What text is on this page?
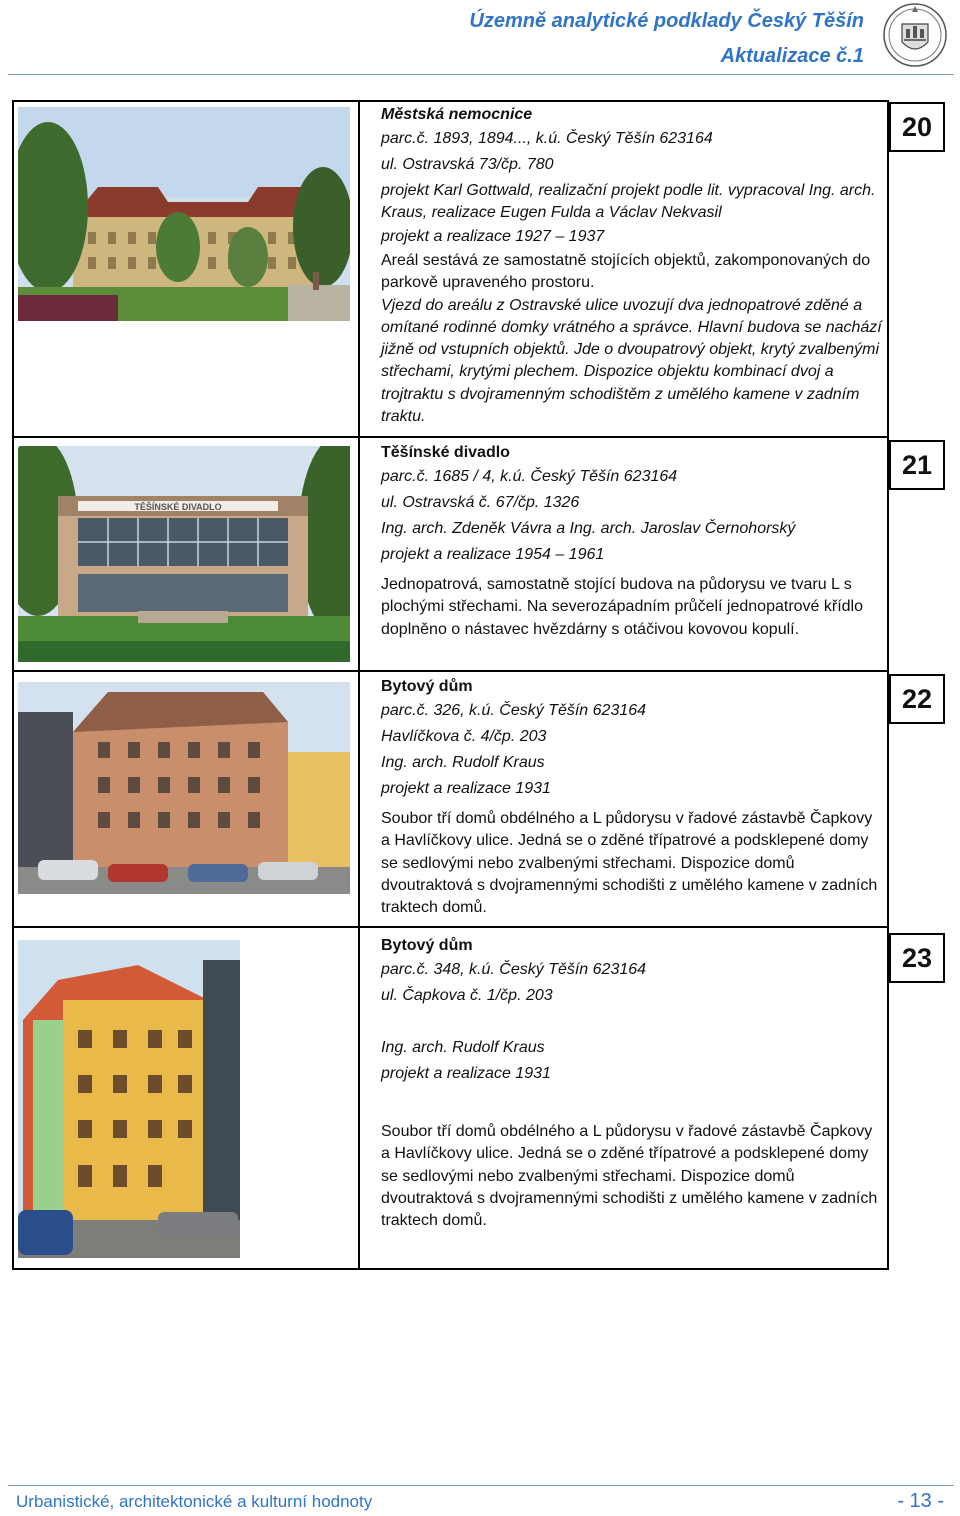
Územně analytické podklady Český Těšín
Aktualizace č.1
TĚŠÍNSKÉ DIVADLO

Městská nemocnice

parc.č. 1893, 1894..., k.ú. Český Těšín 623164

ul. Ostravská 73/čp. 780

projekt Karl Gottwald, realizační projekt podle lit. vypracoval Ing. arch. Kraus, realizace Eugen Fulda a Václav Nekvasil

projekt a realizace 1927 – 1937

Areál sestává ze samostatně stojících objektů, zakomponovaných do parkově upraveného prostoru.

Vjezd do areálu z Ostravské ulice uvozují dva jednopatrové zděné a omítané rodinné domky vrátného a správce. Hlavní budova se nachází jižně od vstupních objektů. Jde o dvoupatrový objekt, krytý zvalbenými střechami, krytými plechem. Dispozice objektu kombinací dvoj a trojtraktu s dvojramenným schodištěm z umělého kamene v zadním traktu.

20

Těšínské divadlo

parc.č. 1685 / 4, k.ú. Český Těšín 623164

ul. Ostravská č. 67/čp. 1326

Ing. arch. Zdeněk Vávra a Ing. arch. Jaroslav Černohorský

projekt a realizace 1954 – 1961

Jednopatrová, samostatně stojící budova na půdorysu ve tvaru L s plochými střechami. Na severozápadním průčelí jednopatrové křídlo doplněno o nástavec hvězdárny s otáčivou kovovou kopulí.

21

Bytový dům

parc.č. 326, k.ú. Český Těšín 623164

Havlíčkova č. 4/čp. 203

Ing. arch. Rudolf Kraus

projekt a realizace 1931

Soubor tří domů obdélného a L půdorysu v řadové zástavbě Čapkovy a Havlíčkovy ulice. Jedná se o zděné třípatrové a podsklepené domy se sedlovými nebo zvalbenými střechami. Dispozice domů dvoutraktová s dvojramennými schodišti z umělého kamene v zadních traktech domů.

22

Bytový dům

parc.č. 348, k.ú. Český Těšín 623164

ul. Čapkova č. 1/čp. 203

Ing. arch. Rudolf Kraus

projekt a realizace 1931

Soubor tří domů obdélného a L půdorysu v řadové zástavbě Čapkovy a Havlíčkovy ulice. Jedná se o zděné třípatrové a podsklepené domy se sedlovými nebo zvalbenými střechami. Dispozice domů dvoutraktová s dvojramennými schodišti z umělého kamene v zadních traktech domů.

23
Urbanistické, architektonické a kulturní hodnoty	- 13 -
